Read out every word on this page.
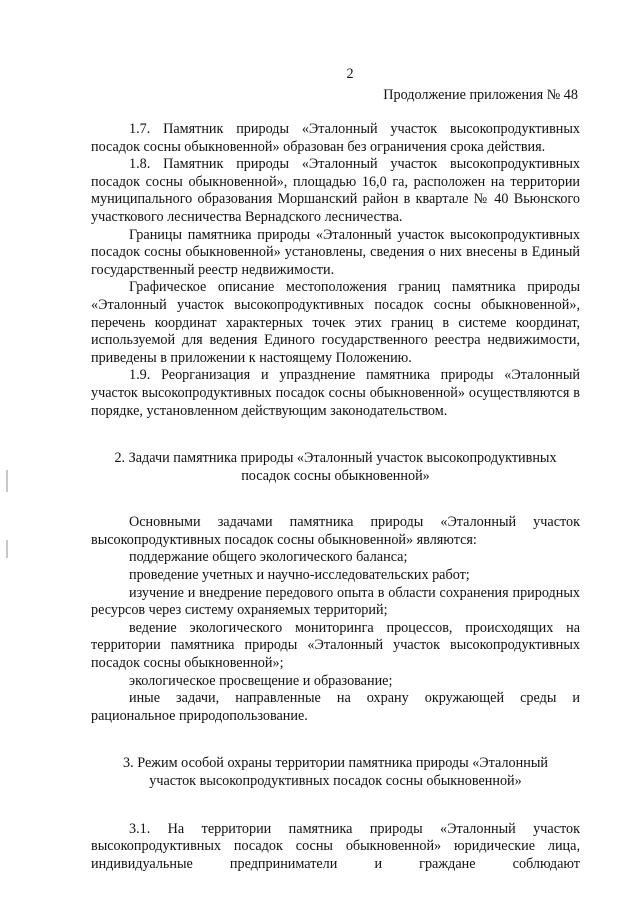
2
Продолжение приложения № 48

1.7. Памятник природы «Эталонный участок высокопродуктивных посадок сосны обыкновенной» образован без ограничения срока действия.

1.8. Памятник природы «Эталонный участок высокопродуктивных посадок сосны обыкновенной», площадью 16,0 га, расположен на территории муниципального образования Моршанский район в квартале № 40 Вьюнского участкового лесничества Вернадского лесничества.

Границы памятника природы «Эталонный участок высокопродуктивных посадок сосны обыкновенной» установлены, сведения о них внесены в Единый государственный реестр недвижимости.

Графическое описание местоположения границ памятника природы «Эталонный участок высокопродуктивных посадок сосны обыкновенной», перечень координат характерных точек этих границ в системе координат, используемой для ведения Единого государственного реестра недвижимости, приведены в приложении к настоящему Положению.

1.9. Реорганизация и упразднение памятника природы «Эталонный участок высокопродуктивных посадок сосны обыкновенной» осуществляются в порядке, установленном действующим законодательством.

2. Задачи памятника природы «Эталонный участок высокопродуктивных
посадок сосны обыкновенной»

Основными задачами памятника природы «Эталонный участок высокопродуктивных посадок сосны обыкновенной» являются:

поддержание общего экологического баланса;

проведение учетных и научно-исследовательских работ;

изучение и внедрение передового опыта в области сохранения природных ресурсов через систему охраняемых территорий;

ведение экологического мониторинга процессов, происходящих на территории памятника природы «Эталонный участок высокопродуктивных посадок сосны обыкновенной»;

экологическое просвещение и образование;

иные задачи, направленные на охрану окружающей среды и рациональное природопользование.

3. Режим особой охраны территории памятника природы «Эталонный
участок высокопродуктивных посадок сосны обыкновенной»

3.1. На территории памятника природы «Эталонный участок высокопродуктивных посадок сосны обыкновенной» юридические лица, индивидуальные предприниматели и граждане соблюдают
